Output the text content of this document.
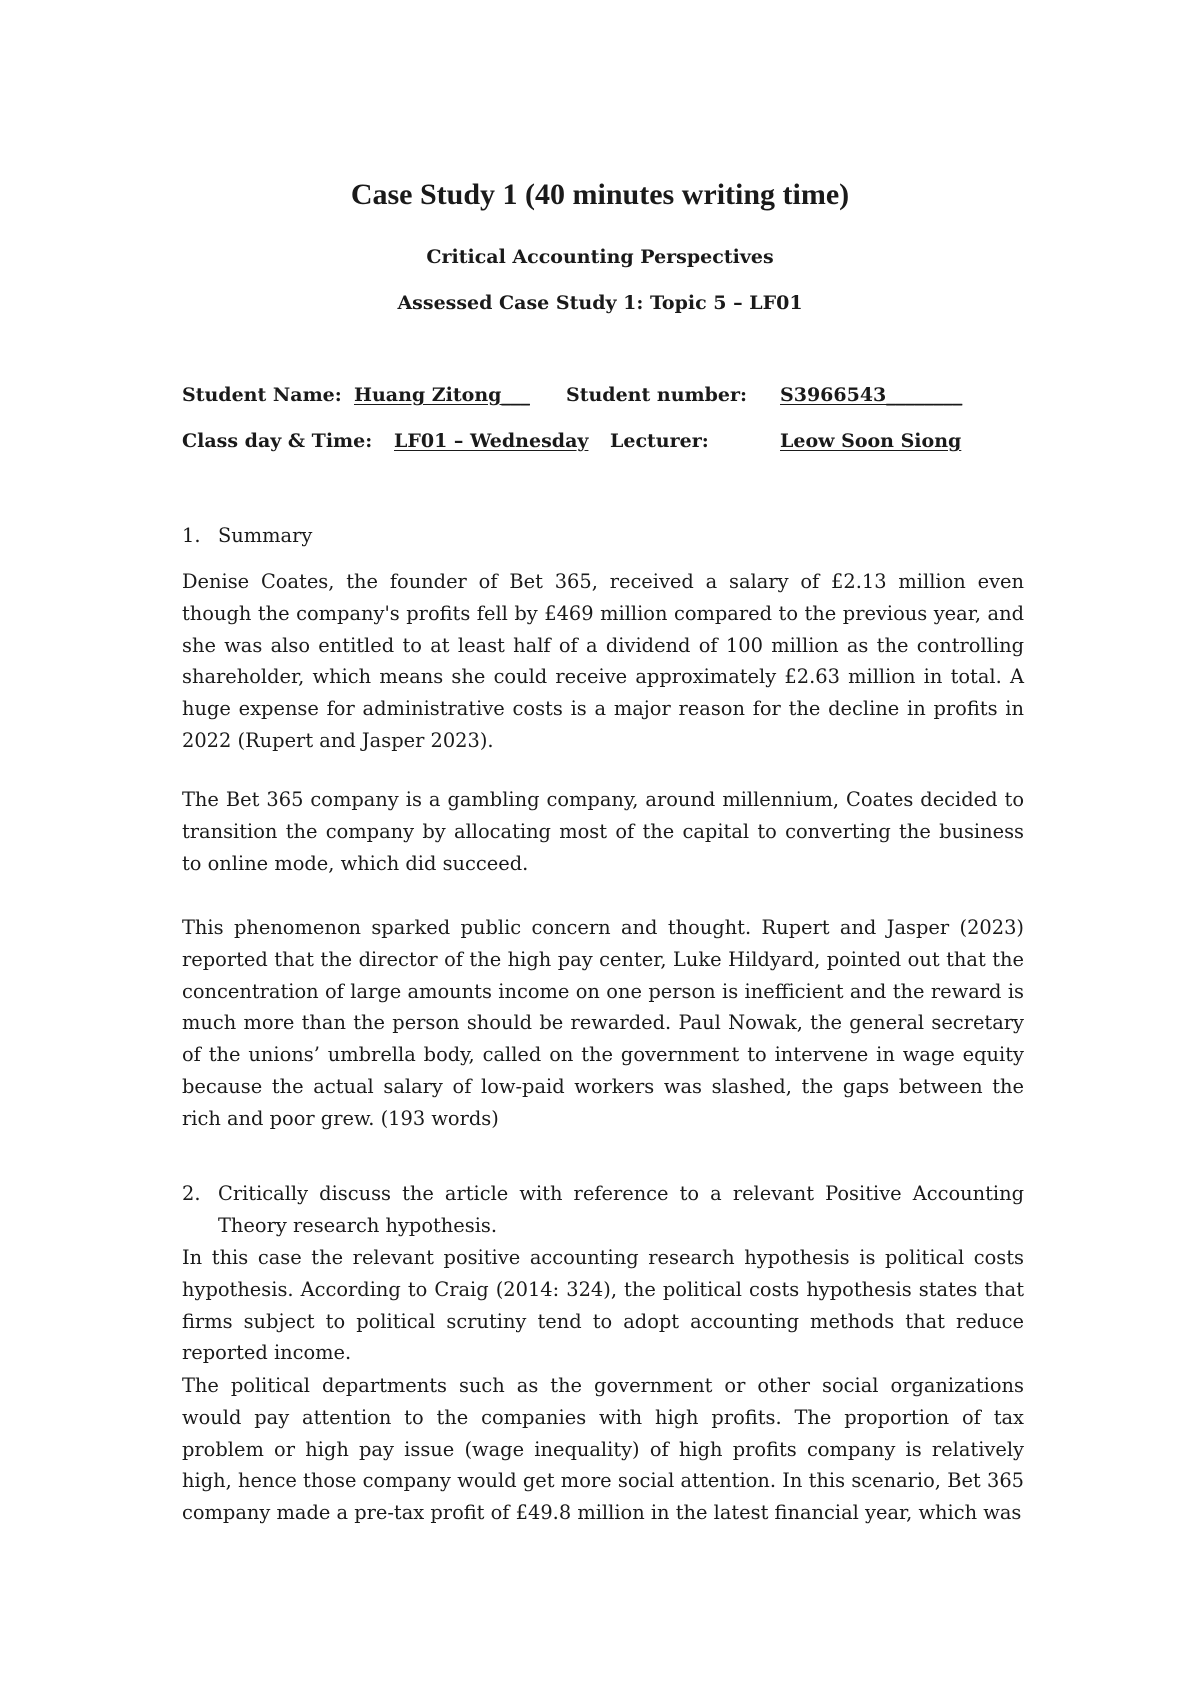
Case Study 1 (40 minutes writing time)

Critical Accounting Perspectives

Assessed Case Study 1: Topic 5 – LF01

Student Name: Huang Zitong___ Student number: S3966543________
Class day & Time: LF01 – Wednesday Lecturer:	Leow Soon Siong
1. Summary

Denise Coates, the founder of Bet 365, received a salary of £2.13 million even though the company's profits fell by £469 million compared to the previous year, and she was also entitled to at least half of a dividend of 100 million as the controlling shareholder, which means she could receive approximately £2.63 million in total. A huge expense for administrative costs is a major reason for the decline in profits in 2022 (Rupert and Jasper 2023).

The Bet 365 company is a gambling company, around millennium, Coates decided to transition the company by allocating most of the capital to converting the business to online mode, which did succeed.

This phenomenon sparked public concern and thought. Rupert and Jasper (2023) reported that the director of the high pay center, Luke Hildyard, pointed out that the concentration of large amounts income on one person is inefficient and the reward is much more than the person should be rewarded. Paul Nowak, the general secretary of the unions’ umbrella body, called on the government to intervene in wage equity because the actual salary of low-paid workers was slashed, the gaps between the rich and poor grew. (193 words)

2. Critically discuss the article with reference to a relevant Positive Accounting Theory research hypothesis.

In this case the relevant positive accounting research hypothesis is political costs hypothesis. According to Craig (2014: 324), the political costs hypothesis states that firms subject to political scrutiny tend to adopt accounting methods that reduce reported income.

The political departments such as the government or other social organizations would pay attention to the companies with high profits. The proportion of tax problem or high pay issue (wage inequality) of high profits company is relatively high, hence those company would get more social attention. In this scenario, Bet 365 company made a pre-tax profit of £49.8 million in the latest financial year, which was
